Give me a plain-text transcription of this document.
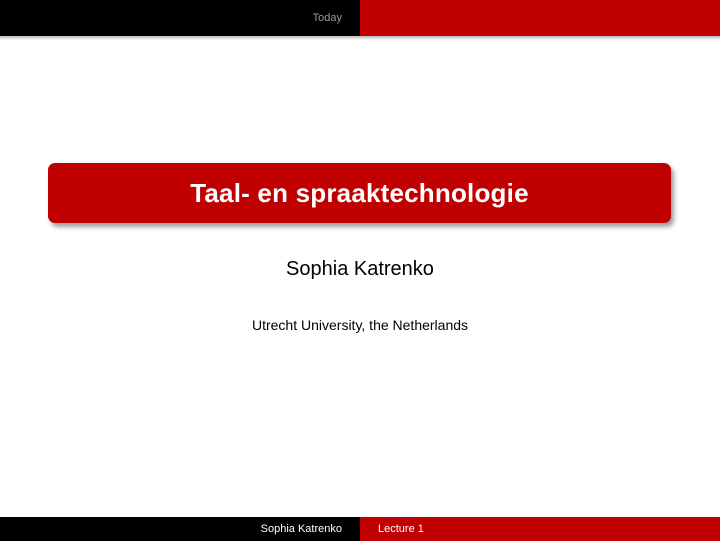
Today
Taal- en spraaktechnologie
Sophia Katrenko
Utrecht University, the Netherlands
Sophia Katrenko	Lecture 1
